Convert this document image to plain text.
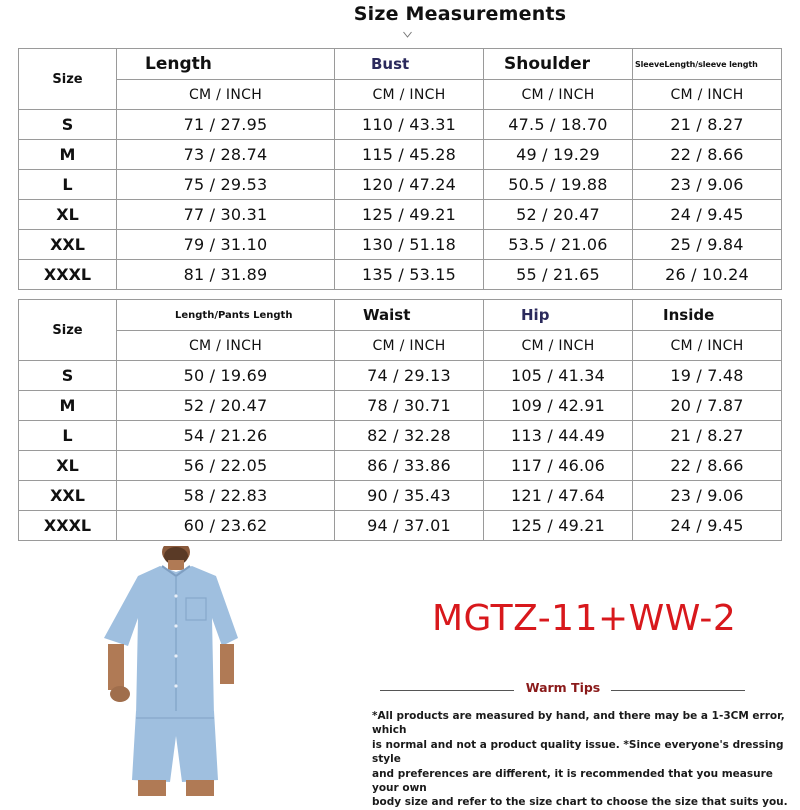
Size Measurements
Size	Length	Bust	Shoulder	SleeveLength/sleeve length
	CM / INCH	CM / INCH	CM / INCH	CM / INCH
S	71 / 27.95	110 / 43.31	47.5 / 18.70	21 / 8.27
M	73 / 28.74	115 / 45.28	49 / 19.29	22 / 8.66
L	75 / 29.53	120 / 47.24	50.5 / 19.88	23 / 9.06
XL	77 / 30.31	125 / 49.21	52 / 20.47	24 / 9.45
XXL	79 / 31.10	130 / 51.18	53.5 / 21.06	25 / 9.84
XXXL	81 / 31.89	135 / 53.15	55 / 21.65	26 / 10.24
Size	Length/Pants Length	Waist	Hip	Inside
	CM / INCH	CM / INCH	CM / INCH	CM / INCH
S	50 / 19.69	74 / 29.13	105 / 41.34	19 / 7.48
M	52 / 20.47	78 / 30.71	109 / 42.91	20 / 7.87
L	54 / 21.26	82 / 32.28	113 / 44.49	21 / 8.27
XL	56 / 22.05	86 / 33.86	117 / 46.06	22 / 8.66
XXL	58 / 22.83	90 / 35.43	121 / 47.64	23 / 9.06
XXXL	60 / 23.62	94 / 37.01	125 / 49.21	24 / 9.45
MGTZ-11+WW-2
Warm Tips
*All products are measured by hand, and there may be a 1-3CM error, which
is normal and not a product quality issue. *Since everyone's dressing style
and preferences are different, it is recommended that you measure your own
body size and refer to the size chart to choose the size that suits you.
